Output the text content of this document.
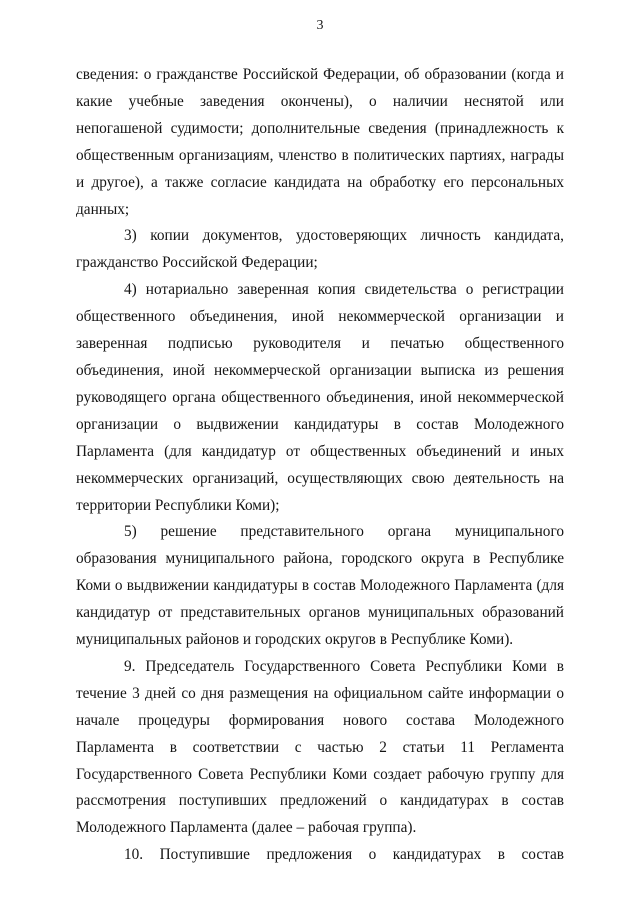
3

сведения: о гражданстве Российской Федерации, об образовании (когда и какие учебные заведения окончены), о наличии неснятой или непогашеной судимости; дополнительные сведения (принадлежность к общественным организациям, членство в политических партиях, награды и другое), а также согласие кандидата на обработку его персональных данных;

3) копии документов, удостоверяющих личность кандидата, гражданство Российской Федерации;

4) нотариально заверенная копия свидетельства о регистрации общественного объединения, иной некоммерческой организации и заверенная подписью руководителя и печатью общественного объединения, иной некоммерческой организации выписка из решения руководящего органа общественного объединения, иной некоммерческой организации о выдвижении кандидатуры в состав Молодежного Парламента (для кандидатур от общественных объединений и иных некоммерческих организаций, осуществляющих свою деятельность на территории Республики Коми);

5) решение представительного органа муниципального образования муниципального района, городского округа в Республике Коми о выдвижении кандидатуры в состав Молодежного Парламента (для кандидатур от представительных органов муниципальных образований муниципальных районов и городских округов в Республике Коми).

9. Председатель Государственного Совета Республики Коми в течение 3 дней со дня размещения на официальном сайте информации о начале процедуры формирования нового состава Молодежного Парламента в соответствии с частью 2 статьи 11 Регламента Государственного Совета Республики Коми создает рабочую группу для рассмотрения поступивших предложений о кандидатурах в состав Молодежного Парламента (далее – рабочая группа).

10. Поступившие предложения о кандидатурах в состав
